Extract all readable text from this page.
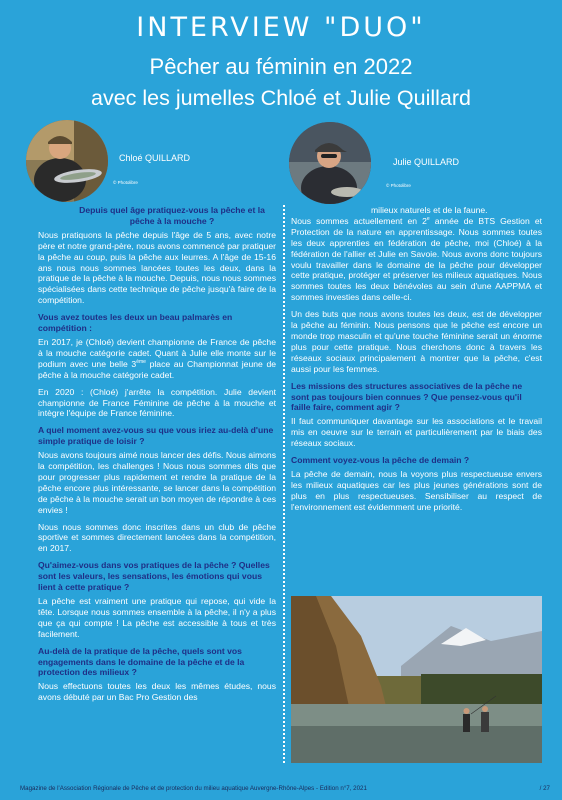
INTERVIEW "DUO"
Pêcher au féminin en 2022
avec les jumelles Chloé et Julie Quillard
Chloé QUILLARD
© Photolibre
Julie QUILLARD
© Photolibre

Depuis quel âge pratiquez-vous la pêche et la pêche à la mouche ?

Nous pratiquons la pêche depuis l'âge de 5 ans, avec notre père et notre grand-père, nous avons commencé par pratiquer la pêche au coup, puis la pêche aux leurres. A l'âge de 15-16 ans nous nous sommes lancées toutes les deux, dans la pratique de la pêche à la mouche. Depuis, nous nous sommes spécialisées dans cette technique de pêche jusqu'à faire de la compétition.

Vous avez toutes les deux un beau palmarès en compétition :

En 2017, je (Chloé) devient championne de France de pêche à la mouche catégorie cadet. Quant à Julie elle monte sur le podium avec une belle 3ème place au Championnat jeune de pêche à la mouche catégorie cadet.

En 2020 : (Chloé) j'arrête la compétition. Julie devient championne de France Féminine de pêche à la mouche et intègre l'équipe de France féminine.

A quel moment avez-vous su que vous iriez au-delà d'une simple pratique de loisir ?

Nous avons toujours aimé nous lancer des défis. Nous aimons la compétition, les challenges ! Nous nous sommes dits que pour progresser plus rapidement et rendre la pratique de la pêche encore plus intéressante, se lancer dans la compétition de pêche à la mouche serait un bon moyen de répondre à ces envies !

Nous nous sommes donc inscrites dans un club de pêche sportive et sommes directement lancées dans la compétition, en 2017.

Qu'aimez-vous dans vos pratiques de la pêche ? Quelles sont les valeurs, les sensations, les émotions qui vous lient à cette pratique ?

La pêche est vraiment une pratique qui repose, qui vide la tête. Lorsque nous sommes ensemble à la pêche, il n'y a plus que ça qui compte ! La pêche est accessible à tous et très facilement.

Au-delà de la pratique de la pêche, quels sont vos engagements dans le domaine de la pêche et de la protection des milieux ?

Nous effectuons toutes les deux les mêmes études, nous avons débuté par un Bac Pro Gestion des

milieux naturels et de la faune.

Nous sommes actuellement en 2e année de BTS Gestion et Protection de la nature en apprentissage. Nous sommes toutes les deux apprenties en fédération de pêche, moi (Chloé) à la fédération de l'allier et Julie en Savoie. Nous avons donc toujours voulu travailler dans le domaine de la pêche pour développer cette pratique, protéger et préserver les milieux aquatiques. Nous sommes toutes les deux bénévoles au sein d'une AAPPMA et sommes investies dans celle-ci.

Un des buts que nous avons toutes les deux, est de développer la pêche au féminin. Nous pensons que le pêche est encore un monde trop masculin et qu'une touche féminine serait un énorme plus pour cette pratique. Nous cherchons donc à travers les réseaux sociaux principalement à montrer que la pêche, c'est aussi pour les femmes.

Les missions des structures associatives de la pêche ne sont pas toujours bien connues ? Que pensez-vous qu'il faille faire, comment agir ?

Il faut communiquer davantage sur les associations et le travail mis en oeuvre sur le terrain et particulièrement par le biais des réseaux sociaux.

Comment voyez-vous la pêche de demain ?

La pêche de demain, nous la voyons plus respectueuse envers les milieux aquatiques car les plus jeunes générations sont de plus en plus respectueuses. Sensibiliser au respect de l'environnement est évidemment une priorité.

Magazine de l'Association Régionale de Pêche et de protection du milieu aquatique Auvergne-Rhône-Alpes - Edition n°7, 2021	/ 27
